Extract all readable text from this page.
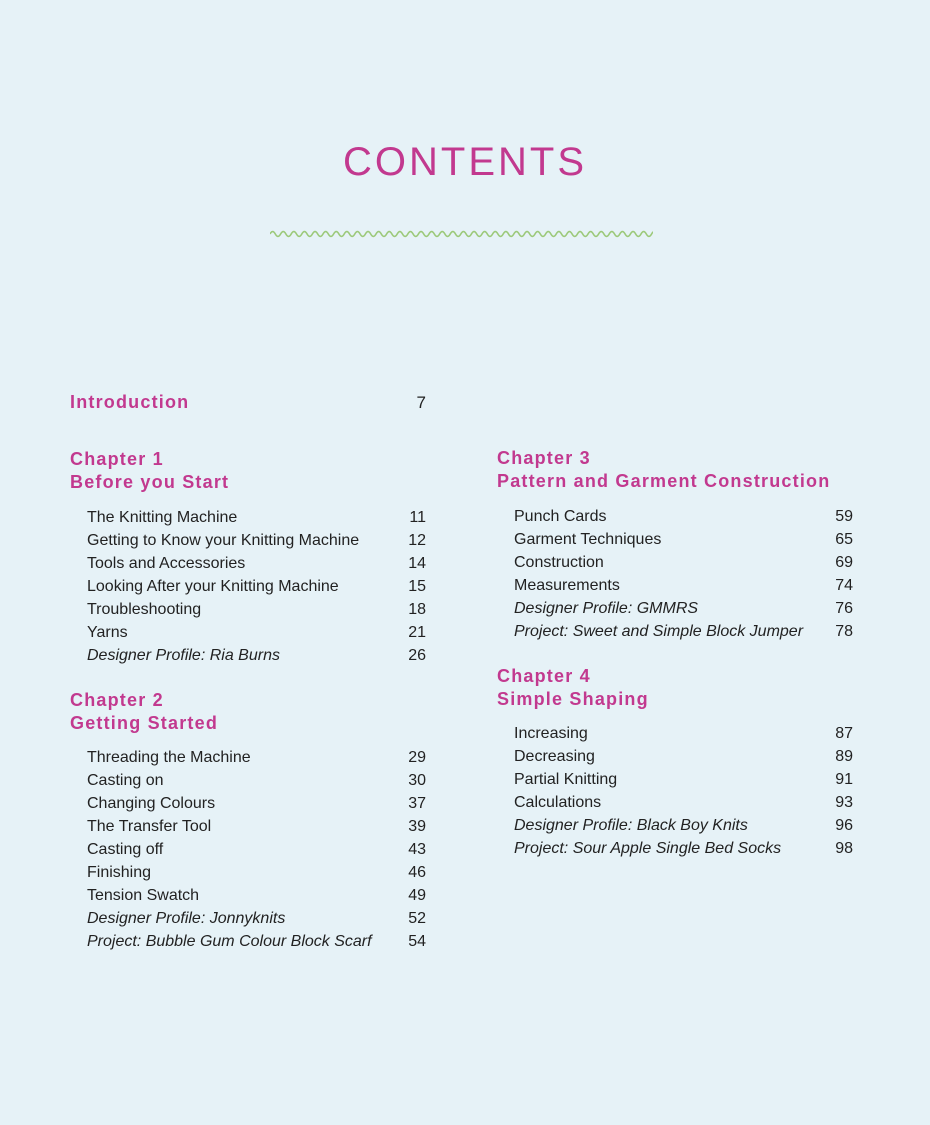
CONTENTS
Introduction	7
Chapter 1
Before you Start
The Knitting Machine	11
Getting to Know your Knitting Machine	12
Tools and Accessories	14
Looking After your Knitting Machine	15
Troubleshooting	18
Yarns	21
Designer Profile: Ria Burns	26
Chapter 2
Getting Started
Threading the Machine	29
Casting on	30
Changing Colours	37
The Transfer Tool	39
Casting off	43
Finishing	46
Tension Swatch	49
Designer Profile: Jonnyknits	52
Project: Bubble Gum Colour Block Scarf 54
Chapter 3
Pattern and Garment Construction
Punch Cards	59
Garment Techniques	65
Construction	69
Measurements	74
Designer Profile: GMMRS	76
Project: Sweet and Simple Block Jumper 78
Chapter 4
Simple Shaping
Increasing	87
Decreasing	89
Partial Knitting	91
Calculations	93
Designer Profile: Black Boy Knits	96
Project: Sour Apple Single Bed Socks	98
